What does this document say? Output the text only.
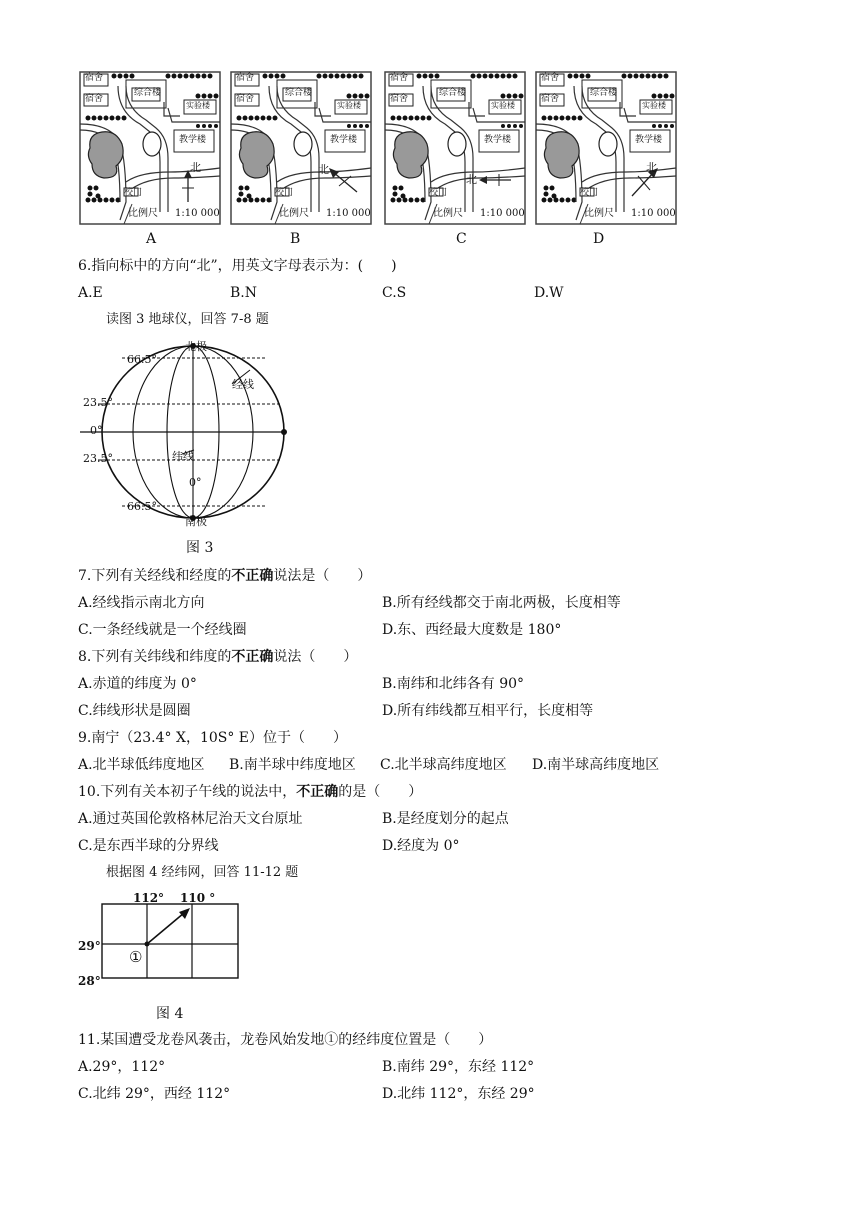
宿舍
宿舍
综合楼
实验楼
教学楼
校门
北
比例尺 1:10 000
宿舍
宿舍
综合楼
实验楼
教学楼
校门
北
比例尺 1:10 000
宿舍
宿舍
综合楼
实验楼
教学楼
校门
北
比例尺 1:10 000
宿舍
宿舍
综合楼
实验楼
教学楼
校门
北
比例尺 1:10 000
A	B	C	D
6.指向标中的方向“北”，用英文字母表示为：(　　)
A.E	B.N	C.S	D.W
读图 3 地球仪，回答 7-8 题
北极
南极
经线
纬线
66.5°
23.5°
0°
23.5°
66.5°
0°
图 3
7.下列有关经线和经度的不正确说法是（　　）
A.经线指示南北方向	B.所有经线都交于南北两极，长度相等
C.一条经线就是一个经线圈	D.东、西经最大度数是 180°
8.下列有关纬线和纬度的不正确说法（　　）
A.赤道的纬度为 0°	B.南纬和北纬各有 90°
C.纬线形状是圆圈	D.所有纬线都互相平行，长度相等
9.南宁（23.4° X，10S° E）位于（　　）
A.北半球低纬度地区 B.南半球中纬度地区 C.北半球高纬度地区 D.南半球高纬度地区
10.下列有关本初子午线的说法中，不正确的是（　　）
A.通过英国伦敦格林尼治天文台原址	B.是经度划分的起点
C.是东西半球的分界线	D.经度为 0°
根据图 4 经纬网，回答 11-12 题
112° 110 °
29°
28°
①
图 4
11.某国遭受龙卷风袭击，龙卷风始发地①的经纬度位置是（　　）
A.29°，112°	B.南纬 29°，东经 112°
C.北纬 29°，西经 112°	D.北纬 112°，东经 29°
